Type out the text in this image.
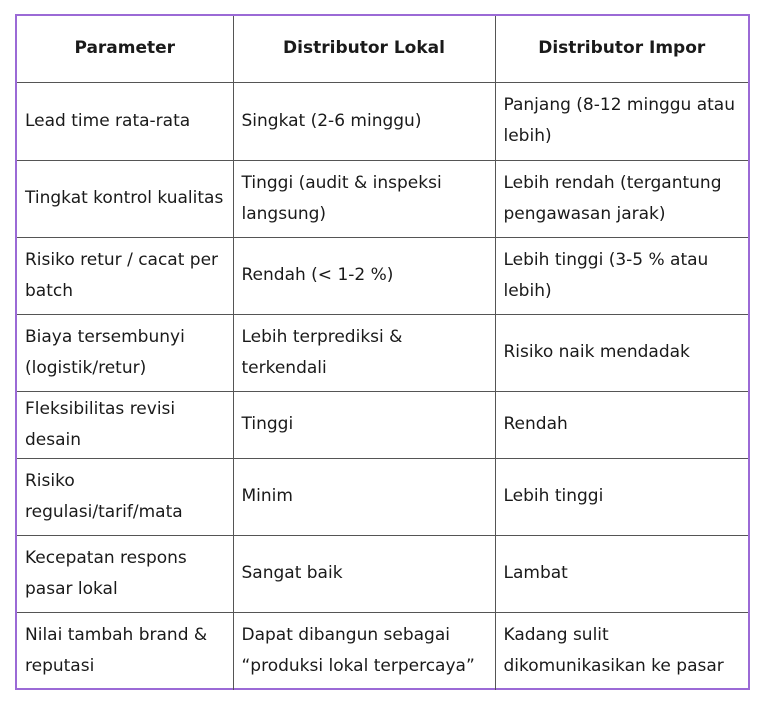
Parameter	Distributor Lokal	Distributor Impor
Lead time rata-rata	Singkat (2-6 minggu)	Panjang (8-12 minggu atau lebih)
Tingkat kontrol kualitas	Tinggi (audit & inspeksi langsung)	Lebih rendah (tergantung pengawasan jarak)
Risiko retur / cacat per batch	Rendah (< 1-2 %)	Lebih tinggi (3-5 % atau lebih)
Biaya tersembunyi (logistik/retur)	Lebih terprediksi & terkendali	Risiko naik mendadak
Fleksibilitas revisi desain	Tinggi	Rendah
Risiko regulasi/tarif/mata	Minim	Lebih tinggi
Kecepatan respons pasar lokal	Sangat baik	Lambat
Nilai tambah brand & reputasi	Dapat dibangun sebagai “produksi lokal terpercaya”	Kadang sulit dikomunikasikan ke pasar
